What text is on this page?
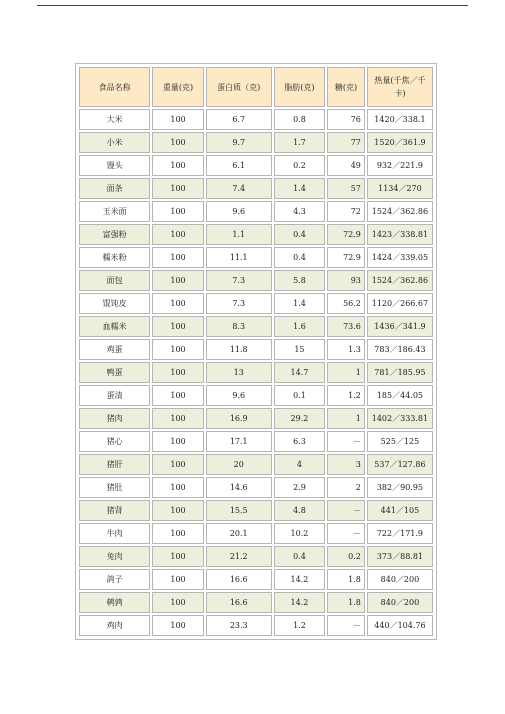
食品名称	重量(克)	蛋白质（克)	脂肪(克)	糖(克)	热量(千焦／千卡)
大米	100	6.7	0.8	76	1420／338.1
小米	100	9.7	1.7	77	1520／361.9
馒头	100	6.1	0.2	49	932／221.9
面条	100	7.4	1.4	57	1134／270
玉米面	100	9.6	4.3	72	1524／362.86
富强粉	100	1.1	0.4	72.9	1423／338.81
糯米粉	100	11.1	0.4	72.9	1424／339.05
面包	100	7.3	5.8	93	1524／362.86
馄饨皮	100	7.3	1.4	56.2	1120／266.67
血糯米	100	8.3	1.6	73.6	1436／341.9
鸡蛋	100	11.8	15	1.3	783／186.43
鸭蛋	100	13	14.7	1	781／185.95
蛋清	100	9.6	0.1	1.2	185／44.05
猪肉	100	16.9	29.2	1	1402／333.81
猪心	100	17.1	6.3	－	525／125
猪肝	100	20	4	3	537／127.86
猪肚	100	14.6	2.9	2	382／90.95
猪肾	100	15.5	4.8	－	441／105
牛肉	100	20.1	10.2	－	722／171.9
兔肉	100	21.2	0.4	0.2	373／88.81
鸽子	100	16.6	14.2	1.8	840／200
鹌鹑	100	16.6	14.2	1.8	840／200
鸡肉	100	23.3	1.2	－	440／104.76
